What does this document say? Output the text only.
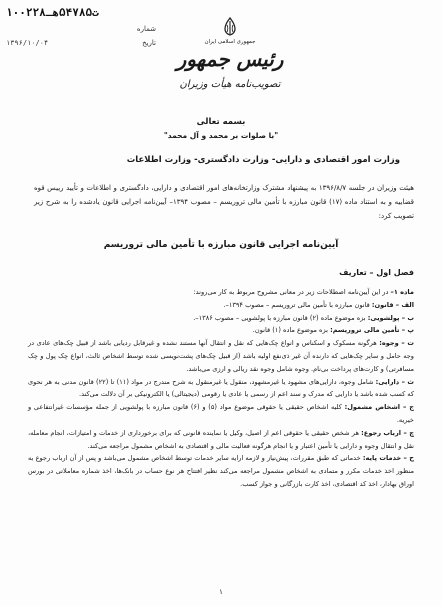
۱۰۰۲۲۸ت۵۴۷۸۵هـ
شماره
تاریخ
۱۳۹۶/۱۰/۰۴	جمهوری اسلامی ایران
رئیس جمهور
تصویب‌نامه هیأت وزیران
بسمه تعالی
"با صلوات بر محمد و آل محمد"
وزارت امور اقتصادی و دارایی- وزارت دادگستری- وزارت اطلاعات
هیئت وزیران در جلسه ۱۳۹۶/۸/۷ به پیشنهاد مشترک وزارتخانه‌های امور اقتصادی و دارایی، دادگستری و اطلاعات و تأیید رییس قوه قضاییه و به استناد ماده (۱۷) قانون مبارزه با تأمین مالی تروریسم – مصوب ۱۳۹۴– آیین‌نامه اجرایی قانون یادشده را به شرح زیر تصویب کرد:
آیین‌نامه اجرایی قانون مبارزه با تأمین مالی تروریسم
فصل اول – تعاریف

ماده ۱– در این آیین‌نامه اصطلاحات زیر در معانی مشروح مربوط به کار می‌روند:

الف – قانون: قانون مبارزه با تأمین مالی تروریسم – مصوب ۱۳۹۴–.

ب – پولشویی: بزه موضوع ماده (۲) قانون مبارزه با پولشویی – مصوب ۱۳۸۶–.

پ – تأمین مالی تروریسم: بزه موضوع ماده (۱) قانون.

ت – وجوه: هرگونه مسکوک و اسکناس و انواع چک‌هایی که نقل و انتقال آنها مستند نشده و غیرقابل ردیابی باشد از قبیل چک‌های عادی در وجه حامل و سایر چک‌هایی که دارنده آن غیر ذی‌نفع اولیه باشد (از قبیل چک‌های پشت‌نویسی شده توسط اشخاص ثالث، انواع چک پول و چک مسافرتی) و کارت‌های پرداخت بی‌نام. وجوه شامل وجوه نقد ریالی و ارزی می‌باشد.

ث – دارایی: شامل وجوه، دارایی‌های مشهود یا غیرمشهود، منقول یا غیرمنقول به شرح مندرج در مواد (۱۱) تا (۲۲) قانون مدنی به هر نحوی که کسب شده باشد یا دارایی که مدرک و سند اعم از رسمی یا عادی یا رقومی (دیجیتالی) یا الکترونیکی بر آن دلالت می‌کند.

ج – اشخاص مشمول: کلیه اشخاص حقیقی یا حقوقی موضوع مواد (۵) و (۶) قانون مبارزه با پولشویی از جمله مؤسسات غیرانتفاعی و خیریه.

چ – ارباب رجوع: هر شخص حقیقی یا حقوقی اعم از اصیل، وکیل یا نماینده قانونی که برای برخورداری از خدمات و امتیازات، انجام معامله، نقل و انتقال وجوه و دارایی یا تأمین اعتبار و یا انجام هرگونه فعالیت مالی و اقتصادی به اشخاص مشمول مراجعه می‌کند.

ح – خدمات پایه: خدماتی که طبق مقررات، پیش‌نیاز و لازمه ارایه سایر خدمات توسط اشخاص مشمول می‌باشد و پس از آن ارباب رجوع به منظور اخذ خدمات مکرر و متمادی به اشخاص مشمول مراجعه می‌کند نظیر افتتاح هر نوع حساب در بانک‌ها، اخذ شماره معاملاتی در بورس اوراق بهادار، اخذ کد اقتصادی، اخذ کارت بازرگانی و جواز کسب.

۱
